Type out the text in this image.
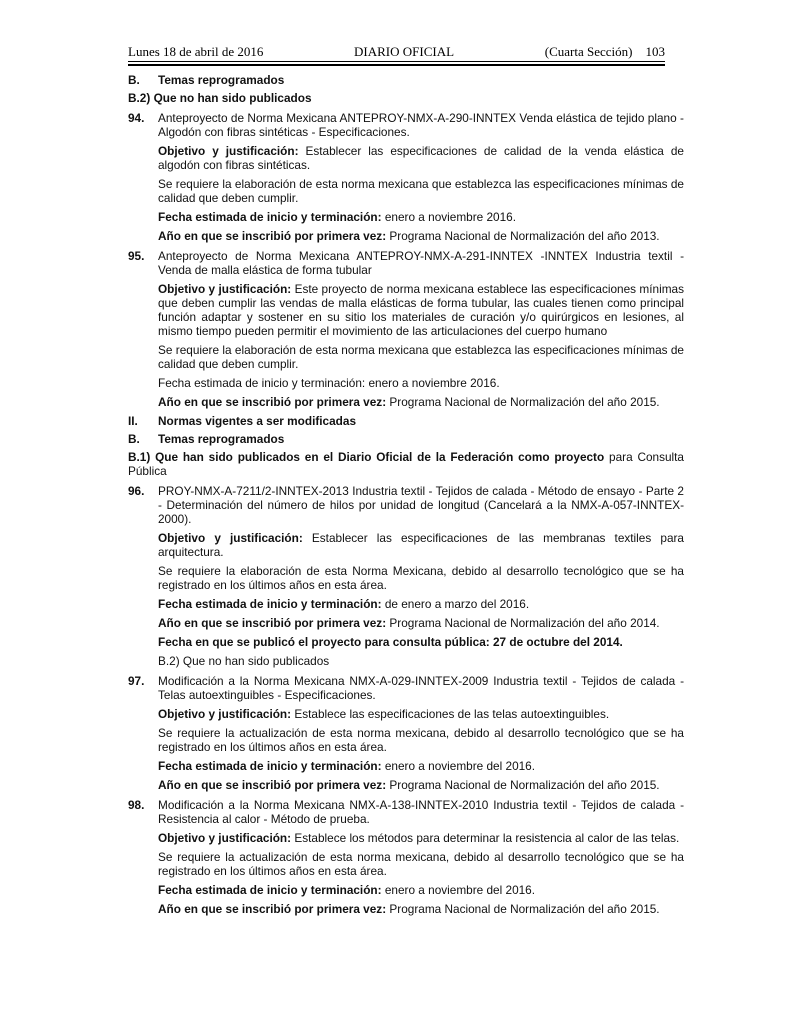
Lunes 18 de abril de 2016	DIARIO OFICIAL	(Cuarta Sección) 103
B. Temas reprogramados
B.2) Que no han sido publicados
94. Anteproyecto de Norma Mexicana ANTEPROY-NMX-A-290-INNTEX Venda elástica de tejido plano - Algodón con fibras sintéticas - Especificaciones.

Objetivo y justificación: Establecer las especificaciones de calidad de la venda elástica de algodón con fibras sintéticas.

Se requiere la elaboración de esta norma mexicana que establezca las especificaciones mínimas de calidad que deben cumplir.

Fecha estimada de inicio y terminación: enero a noviembre 2016.

Año en que se inscribió por primera vez: Programa Nacional de Normalización del año 2013.

95. Anteproyecto de Norma Mexicana ANTEPROY-NMX-A-291-INNTEX -INNTEX Industria textil - Venda de malla elástica de forma tubular

Objetivo y justificación: Este proyecto de norma mexicana establece las especificaciones mínimas que deben cumplir las vendas de malla elásticas de forma tubular, las cuales tienen como principal función adaptar y sostener en su sitio los materiales de curación y/o quirúrgicos en lesiones, al mismo tiempo pueden permitir el movimiento de las articulaciones del cuerpo humano

Se requiere la elaboración de esta norma mexicana que establezca las especificaciones mínimas de calidad que deben cumplir.

Fecha estimada de inicio y terminación: enero a noviembre 2016.

Año en que se inscribió por primera vez: Programa Nacional de Normalización del año 2015.

II. Normas vigentes a ser modificadas
B. Temas reprogramados
B.1) Que han sido publicados en el Diario Oficial de la Federación como proyecto para Consulta Pública
96. PROY-NMX-A-7211/2-INNTEX-2013 Industria textil - Tejidos de calada - Método de ensayo - Parte 2 - Determinación del número de hilos por unidad de longitud (Cancelará a la NMX-A-057-INNTEX-2000).

Objetivo y justificación: Establecer las especificaciones de las membranas textiles para arquitectura.

Se requiere la elaboración de esta Norma Mexicana, debido al desarrollo tecnológico que se ha registrado en los últimos años en esta área.

Fecha estimada de inicio y terminación: de enero a marzo del 2016.

Año en que se inscribió por primera vez: Programa Nacional de Normalización del año 2014.

Fecha en que se publicó el proyecto para consulta pública: 27 de octubre del 2014.

B.2) Que no han sido publicados
97. Modificación a la Norma Mexicana NMX-A-029-INNTEX-2009 Industria textil - Tejidos de calada - Telas autoextinguibles - Especificaciones.

Objetivo y justificación: Establece las especificaciones de las telas autoextinguibles.

Se requiere la actualización de esta norma mexicana, debido al desarrollo tecnológico que se ha registrado en los últimos años en esta área.

Fecha estimada de inicio y terminación: enero a noviembre del 2016.

Año en que se inscribió por primera vez: Programa Nacional de Normalización del año 2015.

98. Modificación a la Norma Mexicana NMX-A-138-INNTEX-2010 Industria textil - Tejidos de calada - Resistencia al calor - Método de prueba.

Objetivo y justificación: Establece los métodos para determinar la resistencia al calor de las telas.

Se requiere la actualización de esta norma mexicana, debido al desarrollo tecnológico que se ha registrado en los últimos años en esta área.

Fecha estimada de inicio y terminación: enero a noviembre del 2016.

Año en que se inscribió por primera vez: Programa Nacional de Normalización del año 2015.
